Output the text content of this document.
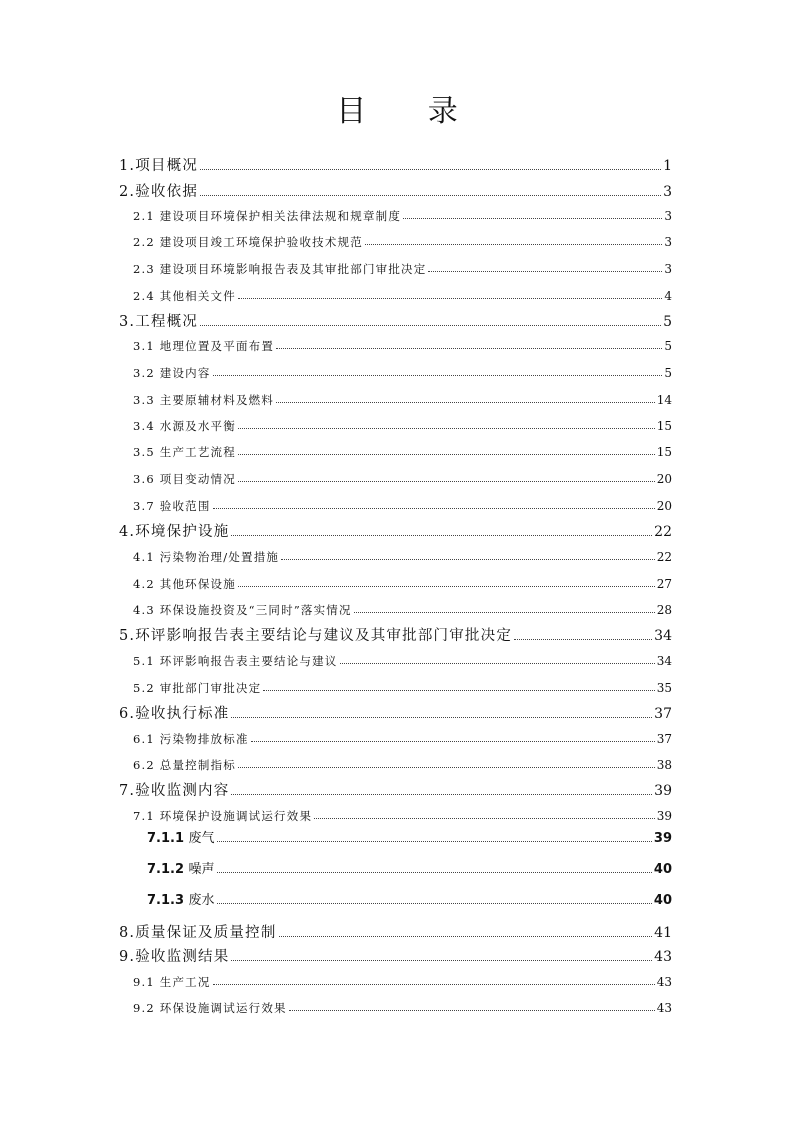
目 录
1.项目概况	1
2.验收依据	3
2.1 建设项目环境保护相关法律法规和规章制度	3
2.2 建设项目竣工环境保护验收技术规范	3
2.3 建设项目环境影响报告表及其审批部门审批决定	3
2.4 其他相关文件	4
3.工程概况	5
3.1 地理位置及平面布置	5
3.2 建设内容	5
3.3 主要原辅材料及燃料	14
3.4 水源及水平衡	15
3.5 生产工艺流程	15
3.6 项目变动情况	20
3.7 验收范围	20
4.环境保护设施	22
4.1 污染物治理/处置措施	22
4.2 其他环保设施	27
4.3 环保设施投资及“三同时”落实情况	28
5.环评影响报告表主要结论与建议及其审批部门审批决定	34
5.1 环评影响报告表主要结论与建议	34
5.2 审批部门审批决定	35
6.验收执行标准	37
6.1 污染物排放标准	37
6.2 总量控制指标	38
7.验收监测内容	39
7.1 环境保护设施调试运行效果	39
7.1.1 废气	39
7.1.2 噪声	40
7.1.3 废水	40
8.质量保证及质量控制	41
9.验收监测结果	43
9.1 生产工况	43
9.2 环保设施调试运行效果	43
